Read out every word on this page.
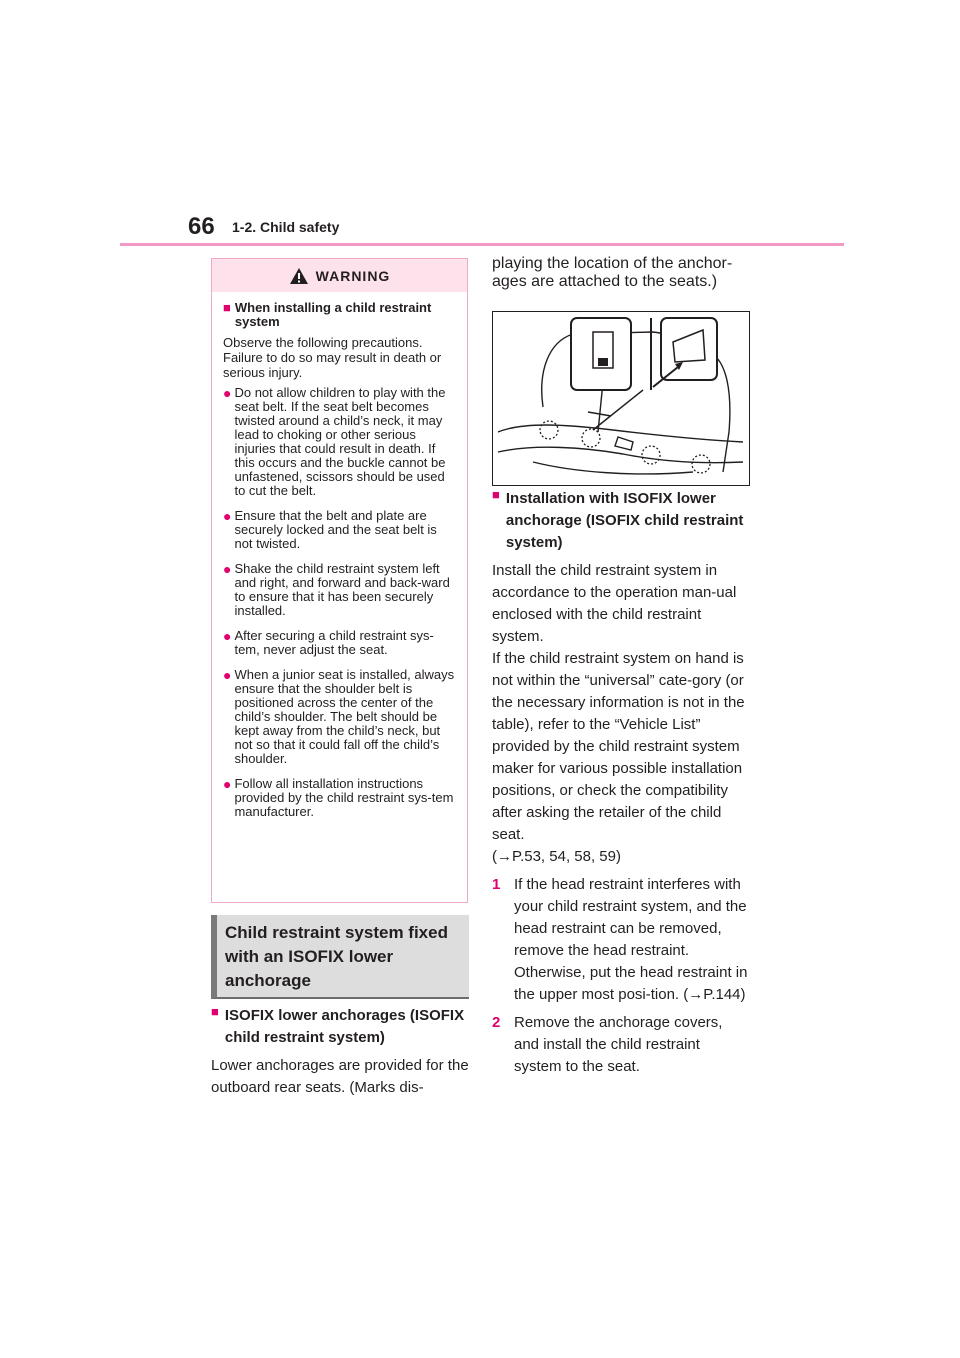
66 1-2. Child safety
WARNING
■ When installing a child restraint system
Observe the following precautions. Failure to do so may result in death or serious injury.
● Do not allow children to play with the seat belt. If the seat belt becomes twisted around a child’s neck, it may lead to choking or other serious injuries that could result in death. If this occurs and the buckle cannot be unfastened, scissors should be used to cut the belt.
● Ensure that the belt and plate are securely locked and the seat belt is not twisted.
● Shake the child restraint system left and right, and forward and back-ward to ensure that it has been securely installed.
● After securing a child restraint sys-tem, never adjust the seat.
● When a junior seat is installed, always ensure that the shoulder belt is positioned across the center of the child’s shoulder. The belt should be kept away from the child’s neck, but not so that it could fall off the child’s shoulder.
● Follow all installation instructions provided by the child restraint sys-tem manufacturer.
Child restraint system fixed with an ISOFIX lower anchorage
■ ISOFIX lower anchorages (ISOFIX child restraint system)
Lower anchorages are provided for the outboard rear seats. (Marks dis-
playing the location of the anchor-ages are attached to the seats.)
■ Installation with ISOFIX lower anchorage (ISOFIX child restraint system)
Install the child restraint system in accordance to the operation man-ual enclosed with the child restraint system.
If the child restraint system on hand is not within the “universal” cate-gory (or the necessary information is not in the table), refer to the “Vehicle List” provided by the child restraint system maker for various possible installation positions, or check the compatibility after asking the retailer of the child seat.
(→P.53, 54, 58, 59)
1 If the head restraint interferes with your child restraint system, and the head restraint can be removed, remove the head restraint.
Otherwise, put the head restraint in the upper most posi-tion. (→P.144)
2 Remove the anchorage covers, and install the child restraint system to the seat.
